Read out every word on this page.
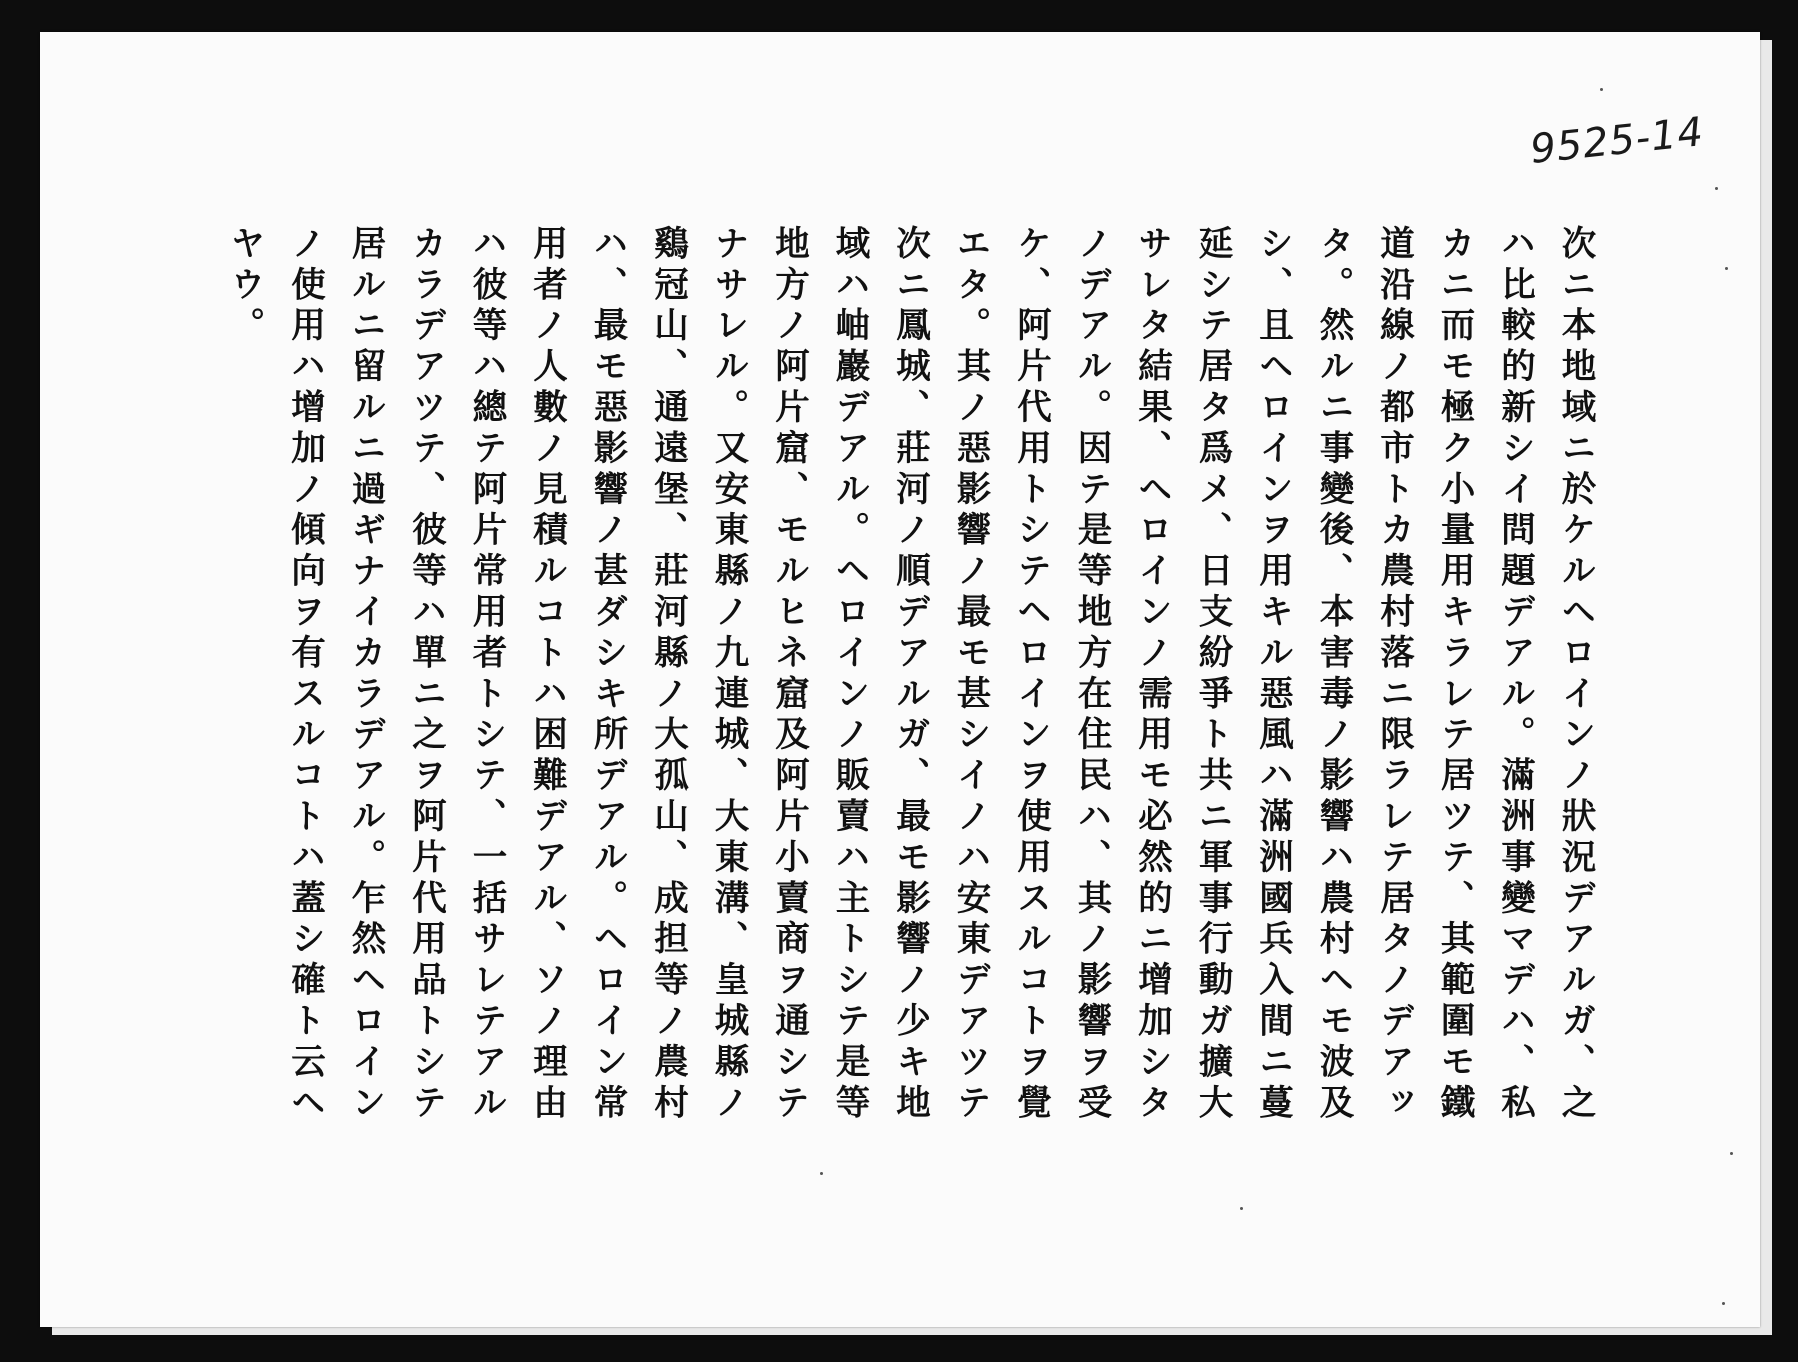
9525-14
次ニ本地域ニ於ケルヘロインノ狀況デアルガ、之
ハ比較的新シイ問題デアル。滿洲事變マデハ、私
カニ而モ極ク小量用キラレテ居ツテ、其範圍モ鐵
道沿線ノ都市トカ農村落ニ限ラレテ居タノデアッ
タ。然ルニ事變後、本害毒ノ影響ハ農村ヘモ波及
シ、且ヘロインヲ用キル惡風ハ滿洲國兵入間ニ蔓
延シテ居タ爲メ、日支紛爭ト共ニ軍事行動ガ擴大
サレタ結果、ヘロインノ需用モ必然的ニ增加シタ
ノデアル。因テ是等地方在住民ハ、其ノ影響ヲ受
ケ、阿片代用トシテヘロインヲ使用スルコトヲ覺
エタ。其ノ惡影響ノ最モ甚シイノハ安東デアツテ
次ニ鳳城、莊河ノ順デアルガ、最モ影響ノ少キ地
域ハ岫巖デアル。ヘロインノ販賣ハ主トシテ是等
地方ノ阿片窟、モルヒネ窟及阿片小賣商ヲ通シテ
ナサレル。又安東縣ノ九連城、大東溝、皇城縣ノ
鷄冠山、通遠堡、莊河縣ノ大孤山、成担等ノ農村
ハ、最モ惡影響ノ甚ダシキ所デアル。ヘロイン常
用者ノ人數ノ見積ルコトハ困難デアル、ソノ理由
ハ彼等ハ總テ阿片常用者トシテ、一括サレテアル
カラデアツテ、彼等ハ單ニ之ヲ阿片代用品トシテ
居ルニ留ルニ過ギナイカラデアル。乍然ヘロイン
ノ使用ハ增加ノ傾向ヲ有スルコトハ蓋シ確ト云ヘ
ヤウ。
